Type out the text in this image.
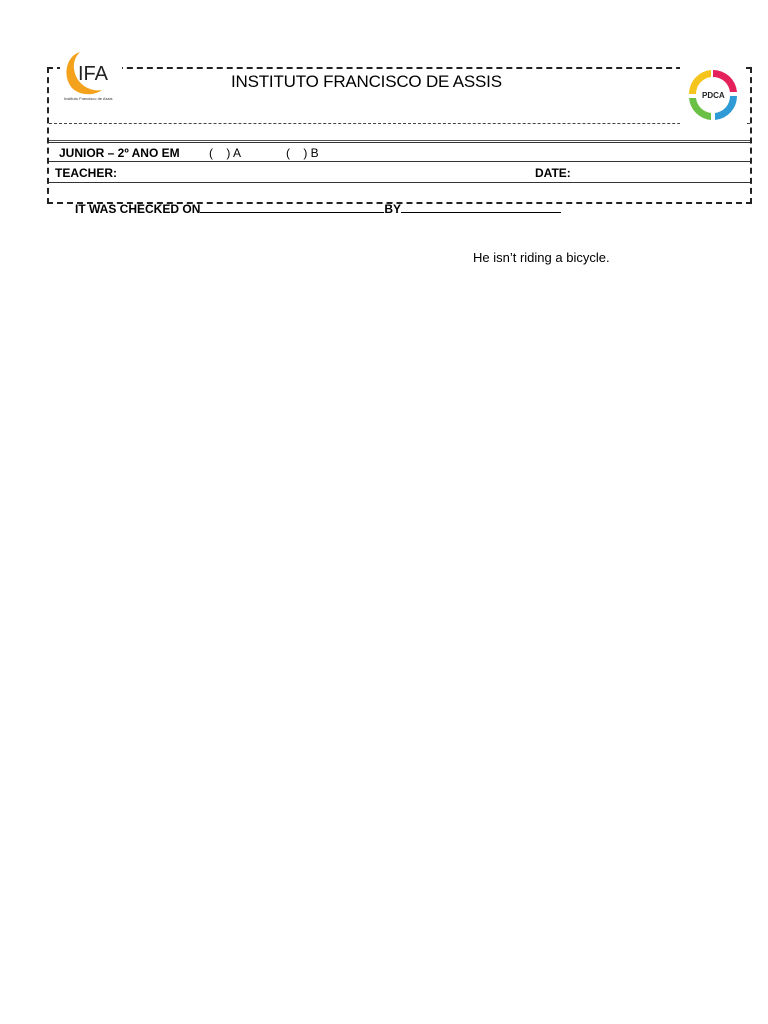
INSTITUTO FRANCISCO DE ASSIS
JUNIOR – 2º ANO EM (    ) A	(    ) B
TEACHER:	DATE:

IT WAS CHECKED ON	BY

IFA
Instituto Francisco de Assis	PDCA
He isn’t riding a bicycle.
